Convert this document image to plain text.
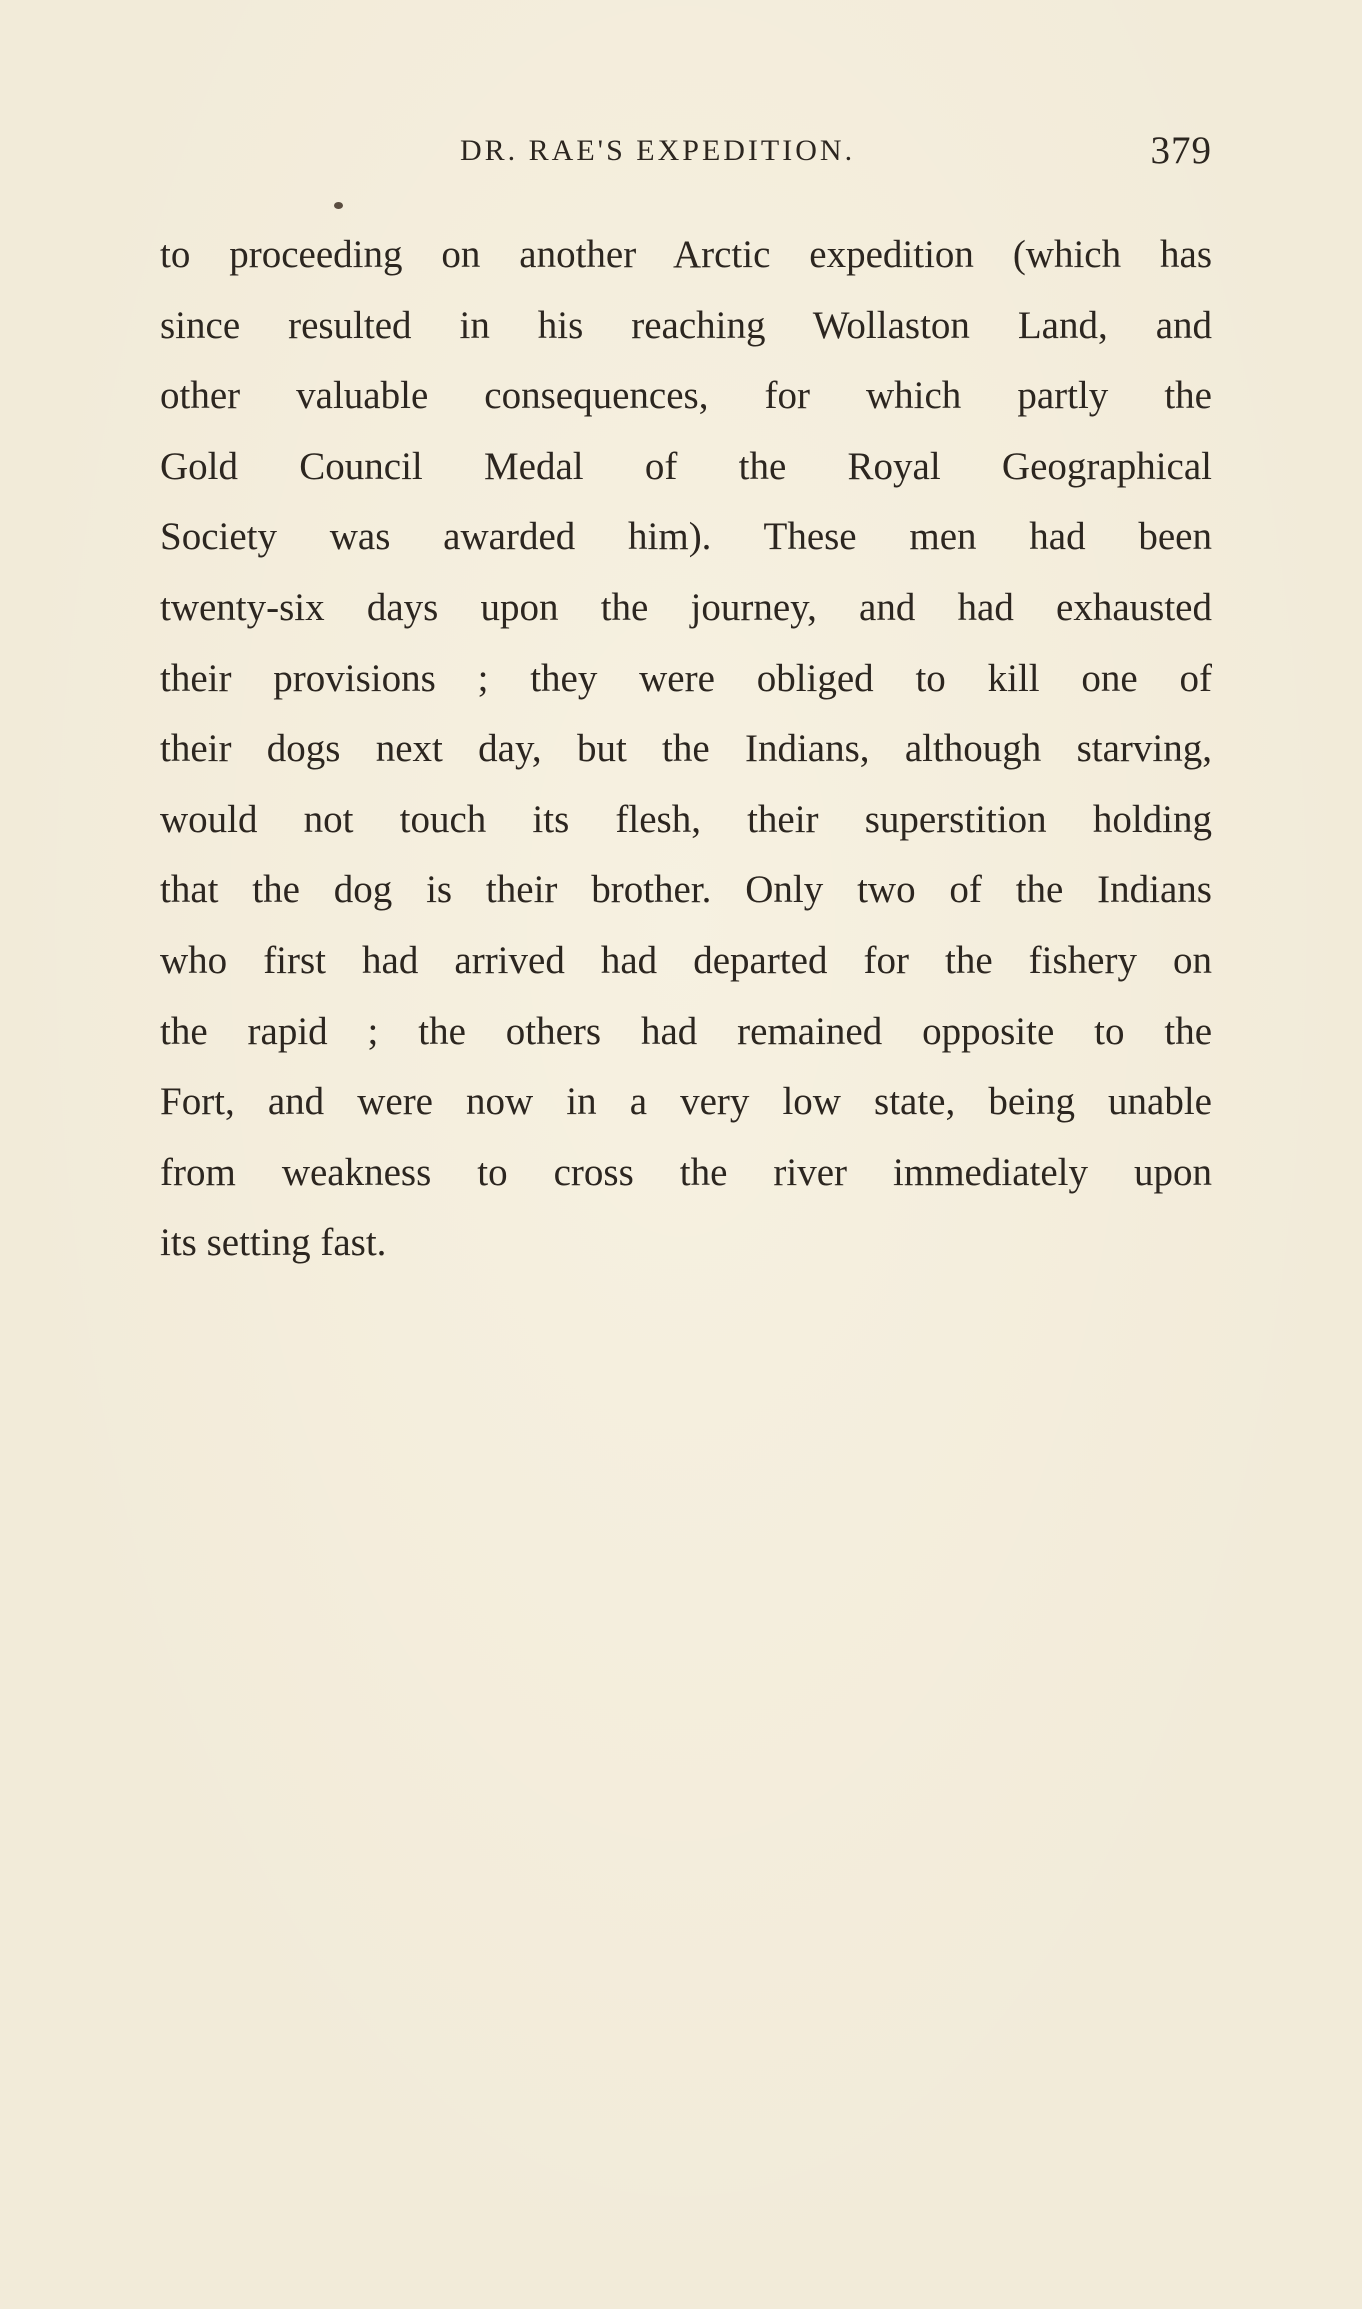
DR. RAE'S EXPEDITION.	379
to proceeding on another Arctic expedition (which has
since resulted in his reaching Wollaston Land, and
other valuable consequences, for which partly the
Gold Council Medal of the Royal Geographical
Society was awarded him). These men had been
twenty-six days upon the journey, and had exhausted
their provisions ; they were obliged to kill one of
their dogs next day, but the Indians, although starving,
would not touch its flesh, their superstition holding
that the dog is their brother. Only two of the Indians
who first had arrived had departed for the fishery on
the rapid ; the others had remained opposite to the
Fort, and were now in a very low state, being unable
from weakness to cross the river immediately upon
its setting fast.
